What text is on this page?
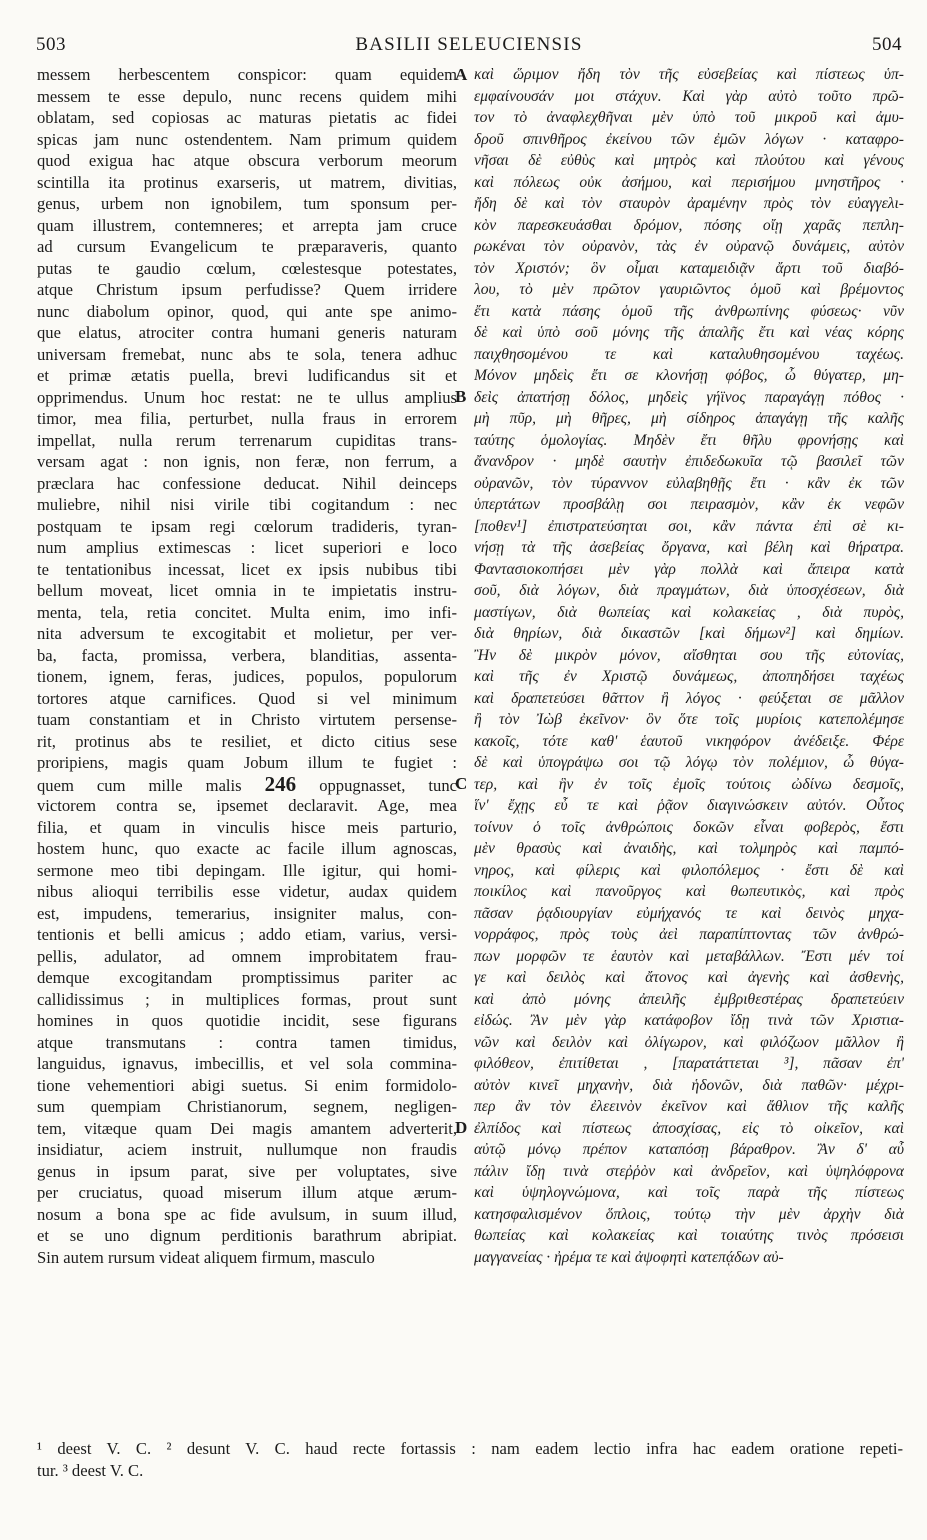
503	BASILII SELEUCIENSIS	504
messem herbescentem conspicor: quam equidem
messem te esse depulo, nunc recens quidem mihi
oblatam, sed copiosas ac maturas pietatis ac fidei
spicas jam nunc ostendentem. Nam primum quidem
quod exigua hac atque obscura verborum meorum
scintilla ita protinus exarseris, ut matrem, divitias,
genus, urbem non ignobilem, tum sponsum per-
quam illustrem, contemneres; et arrepta jam cruce
ad cursum Evangelicum te præparaveris, quanto
putas te gaudio cœlum, cœlestesque potestates,
atque Christum ipsum perfudisse? Quem irridere
nunc diabolum opinor, quod, qui ante spe animo-
que elatus, atrociter contra humani generis naturam
universam fremebat, nunc abs te sola, tenera adhuc
et primæ ætatis puella, brevi ludificandus sit et
opprimendus. Unum hoc restat: ne te ullus amplius
timor, mea filia, perturbet, nulla fraus in errorem
impellat, nulla rerum terrenarum cupiditas trans-
versam agat : non ignis, non feræ, non ferrum, a
præclara hac confessione deducat. Nihil deinceps
muliebre, nihil nisi virile tibi cogitandum : nec
postquam te ipsam regi cœlorum tradideris, tyran-
num amplius extimescas : licet superiori e loco
te tentationibus incessat, licet ex ipsis nubibus tibi
bellum moveat, licet omnia in te impietatis instru-
menta, tela, retia concitet. Multa enim, imo infi-
nita adversum te excogitabit et molietur, per ver-
ba, facta, promissa, verbera, blanditias, assenta-
tionem, ignem, feras, judices, populos, populorum
tortores atque carnifices. Quod si vel minimum
tuam constantiam et in Christo virtutem persense-
rit, protinus abs te resiliet, et dicto citius sese
proripiens, magis quam Jobum illum te fugiet :
quem cum mille malis 246 oppugnasset, tunc
victorem contra se, ipsemet declaravit. Age, mea
filia, et quam in vinculis hisce meis parturio,
hostem hunc, quo exacte ac facile illum agnoscas,
sermone meo tibi depingam. Ille igitur, qui homi-
nibus alioqui terribilis esse videtur, audax quidem
est, impudens, temerarius, insigniter malus, con-
tentionis et belli amicus ; addo etiam, varius, versi-
pellis, adulator, ad omnem improbitatem frau-
demque excogitandam promptissimus pariter ac
callidissimus ; in multiplices formas, prout sunt
homines in quos quotidie incidit, sese figurans
atque transmutans : contra tamen timidus,
languidus, ignavus, imbecillis, et vel sola commina-
tione vehementiori abigi suetus. Si enim formidolo-
sum quempiam Christianorum, segnem, negligen-
tem, vitæque quam Dei magis amantem adverterit,
insidiatur, aciem instruit, nullumque non fraudis
genus in ipsum parat, sive per voluptates, sive
per cruciatus, quoad miserum illum atque ærum-
nosum a bona spe ac fide avulsum, in suum illud,
et se uno dignum perditionis barathrum abripiat.
Sin autem rursum videat aliquem firmum, masculo
καὶ ὥριμον ἤδη τὸν τῆς εὐσεβείας καὶ πίστεως ὑπ-
εμφαίνουσάν μοι στάχυν. Καὶ γὰρ αὐτὸ τοῦτο πρῶ-
τον τὸ ἀναφλεχθῆναι μὲν ὑπὸ τοῦ μικροῦ καὶ ἀμυ-
δροῦ σπινθῆρος ἐκείνου τῶν ἐμῶν λόγων · καταφρο-
νῆσαι δὲ εὐθὺς καὶ μητρὸς καὶ πλούτου καὶ γένους
καὶ πόλεως οὐκ ἀσήμου, καὶ περισήμου μνηστῆρος ·
ἤδη δὲ καὶ τὸν σταυρὸν ἀραμένην πρὸς τὸν εὐαγγελι-
κὸν παρεσκευάσθαι δρόμον, πόσης οἴῃ χαρᾶς πεπλη-
ρωκέναι τὸν οὐρανὸν, τὰς ἐν οὐρανῷ δυνάμεις, αὐτὸν
τὸν Χριστόν; ὃν οἶμαι καταμειδιᾷν ἄρτι τοῦ διαβό-
λου, τὸ μὲν πρῶτον γαυριῶντος ὁμοῦ καὶ βρέμοντος
ἔτι κατὰ πάσης ὁμοῦ τῆς ἀνθρωπίνης φύσεως· νῦν
δὲ καὶ ὑπὸ σοῦ μόνης τῆς ἁπαλῆς ἔτι καὶ νέας κόρης
παιχθησομένου τε καὶ καταλυθησομένου ταχέως.
Μόνον μηδεὶς ἔτι σε κλονήσῃ φόβος, ὦ θύγατερ, μη-
δεὶς ἀπατήσῃ δόλος, μηδεὶς γήϊνος παραγάγῃ πόθος ·
μὴ πῦρ, μὴ θῆρες, μὴ σίδηρος ἀπαγάγῃ τῆς καλῆς
ταύτης ὁμολογίας. Μηδὲν ἔτι θῆλυ φρονήσῃς καὶ
ἄνανδρον · μηδὲ σαυτὴν ἐπιδεδωκυῖα τῷ βασιλεῖ τῶν
οὐρανῶν, τὸν τύραννον εὐλαβηθῇς ἔτι · κἂν ἐκ τῶν
ὑπερτάτων προσβάλῃ σοι πειρασμὸν, κἂν ἐκ νεφῶν
[ποθεν¹] ἐπιστρατεύσηται σοι, κἂν πάντα ἐπὶ σὲ κι-
νήσῃ τὰ τῆς ἀσεβείας ὄργανα, καὶ βέλη καὶ θήρατρα.
Φαντασιοκοπήσει μὲν γὰρ πολλὰ καὶ ἄπειρα κατὰ
σοῦ, διὰ λόγων, διὰ πραγμάτων, διὰ ὑποσχέσεων, διὰ
μαστίγων, διὰ θωπείας καὶ κολακείας , διὰ πυρὸς,
διὰ θηρίων, διὰ δικαστῶν [καὶ δήμων²] καὶ δημίων.
Ἢν δὲ μικρὸν μόνον, αἴσθηται σου τῆς εὐτονίας,
καὶ τῆς ἐν Χριστῷ δυνάμεως, ἀποπηδήσει ταχέως
καὶ δραπετεύσει θᾶττον ἢ λόγος · φεύξεται σε μᾶλλον
ἢ τὸν Ἰὼβ ἐκεῖνον· ὃν ὅτε τοῖς μυρίοις κατεπολέμησε
κακοῖς, τότε καθ' ἑαυτοῦ νικηφόρον ἀνέδειξε. Φέρε
δὲ καὶ ὑπογράψω σοι τῷ λόγῳ τὸν πολέμιον, ὦ θύγα-
τερ, καὶ ἣν ἐν τοῖς ἐμοῖς τούτοις ὠδίνω δεσμοῖς,
ἵν' ἔχῃς εὖ τε καὶ ῥᾷον διαγινώσκειν αὐτόν. Οὗτος
τοίνυν ὁ τοῖς ἀνθρώποις δοκῶν εἶναι φοβερὸς, ἔστι
μὲν θρασὺς καὶ ἀναιδὴς, καὶ τολμηρὸς καὶ παμπό-
νηρος, καὶ φίλερις καὶ φιλοπόλεμος · ἔστι δὲ καὶ
ποικίλος καὶ πανοῦργος καὶ θωπευτικὸς, καὶ πρὸς
πᾶσαν ῥᾳδιουργίαν εὐμήχανός τε καὶ δεινὸς μηχα-
νορράφος, πρὸς τοὺς ἀεὶ παραπίπτοντας τῶν ἀνθρώ-
πων μορφῶν τε ἑαυτὸν καὶ μεταβάλλων. Ἔστι μέν τοί
γε καὶ δειλὸς καὶ ἄτονος καὶ ἀγενὴς καὶ ἀσθενὴς,
καὶ ἀπὸ μόνης ἀπειλῆς ἐμβριθεστέρας δραπετεύειν
εἰδώς. Ἂν μὲν γὰρ κατάφοβον ἴδῃ τινὰ τῶν Χριστια-
νῶν καὶ δειλὸν καὶ ὀλίγωρον, καὶ φιλόζωον μᾶλλον ἢ
φιλόθεον, ἐπιτίθεται , [παρατάττεται ³], πᾶσαν ἐπ'
αὐτὸν κινεῖ μηχανὴν, διὰ ἡδονῶν, διὰ παθῶν· μέχρι-
περ ἂν τὸν ἐλεεινὸν ἐκεῖνον καὶ ἄθλιον τῆς καλῆς
ἐλπίδος καὶ πίστεως ἀποσχίσας, εἰς τὸ οἰκεῖον, καὶ
αὐτῷ μόνῳ πρέπον καταπόσῃ βάραθρον. Ἂν δ' αὖ
πάλιν ἴδῃ τινὰ στεῤῥὸν καὶ ἀνδρεῖον, καὶ ὑψηλόφρονα
καὶ ὑψηλογνώμονα, καὶ τοῖς παρὰ τῆς πίστεως
κατησφαλισμένον ὅπλοις, τούτῳ τὴν μὲν ἀρχὴν διὰ
θωπείας καὶ κολακείας καὶ τοιαύτης τινὸς πρόσεισι
μαγγανείας · ἠρέμα τε καὶ ἀψοφητὶ κατεπᾴδων αὐ-
A
B
C
D
¹ deest V. C. ² desunt V. C. haud recte fortassis : nam eadem lectio infra hac eadem oratione repeti-
tur. ³ deest V. C.
